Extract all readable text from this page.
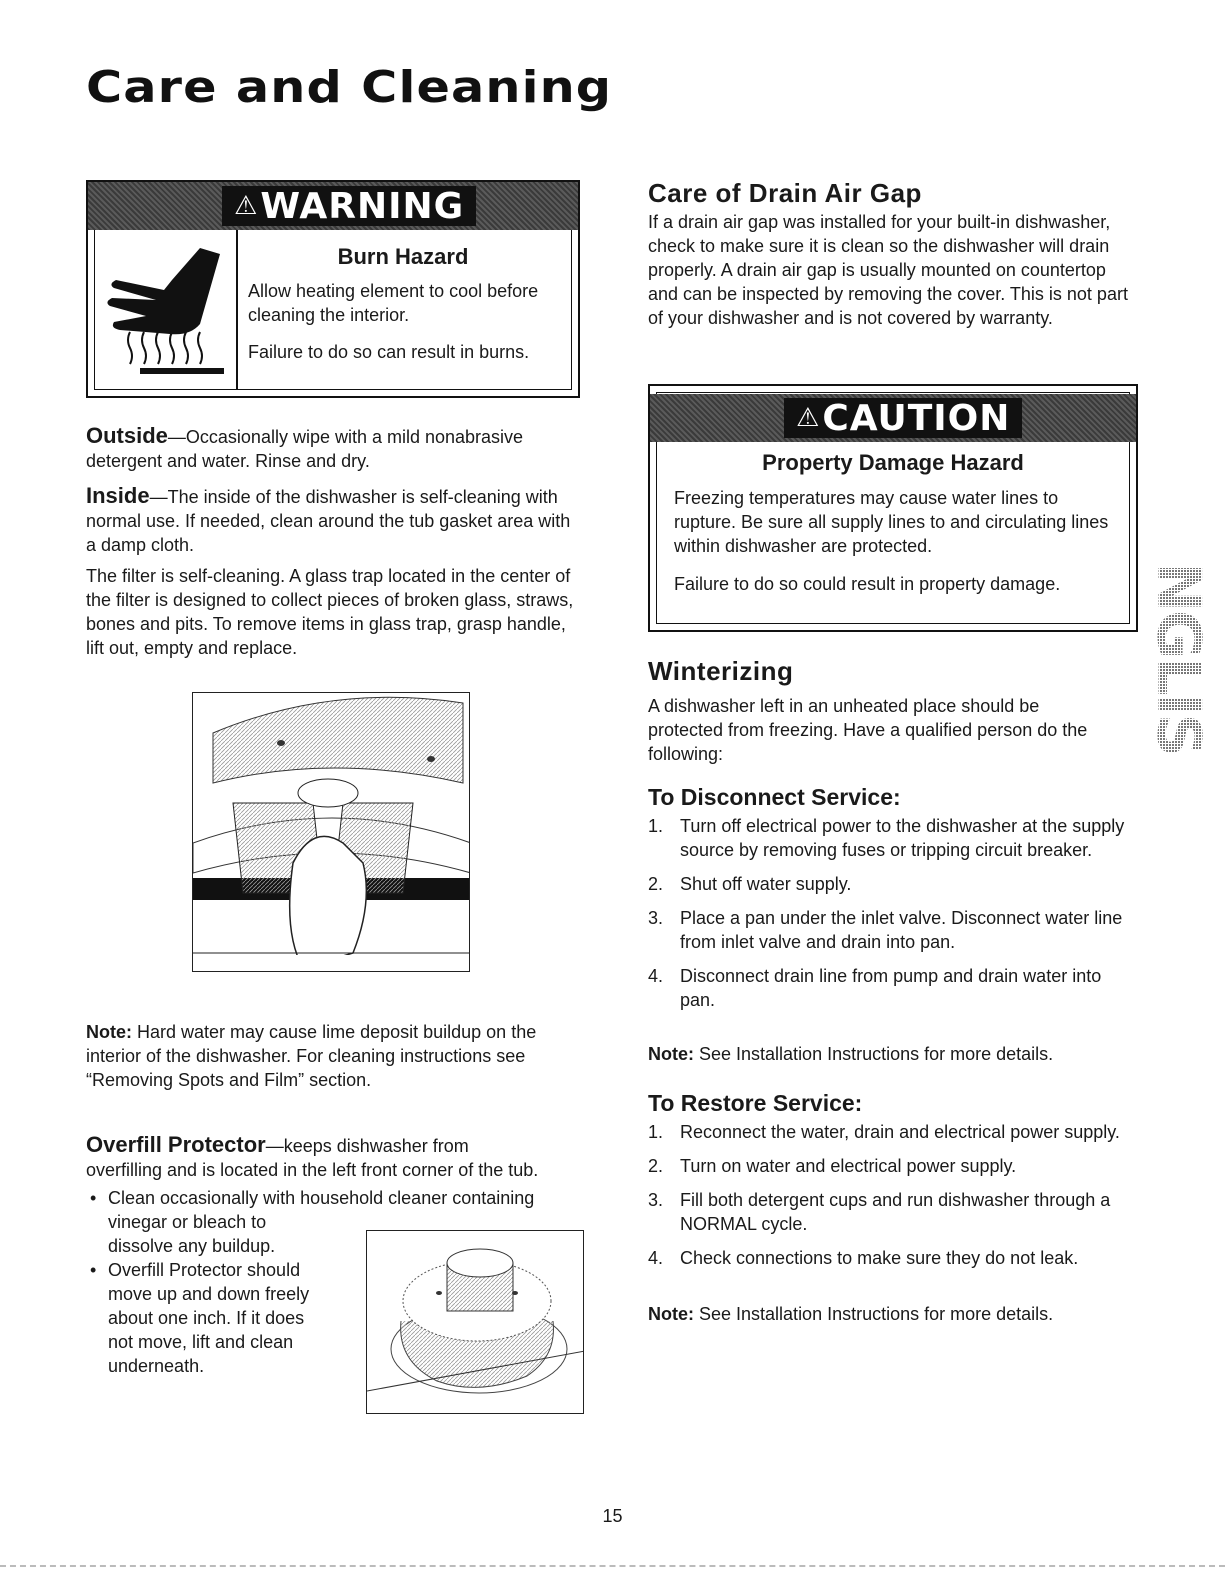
Care and Cleaning
⚠WARNING
Burn Hazard

Allow heating element to cool before cleaning the interior.

Failure to do so can result in burns.

Outside—Occasionally wipe with a mild nonabrasive detergent and water. Rinse and dry.

Inside—The inside of the dishwasher is self-cleaning with normal use. If needed, clean around the tub gasket area with a damp cloth.

The filter is self-cleaning. A glass trap located in the center of the filter is designed to collect pieces of broken glass, straws, bones and pits. To remove items in glass trap, grasp handle, lift out, empty and replace.

Note: Hard water may cause lime deposit buildup on the interior of the dishwasher. For cleaning instructions see “Removing Spots and Film” section.

Overfill Protector—keeps dishwasher from
overfilling and is located in the left front corner of the tub.

• Clean occasionally with household cleaner containing
vinegar or bleach to dissolve any buildup.
• Overfill Protector should move up and down freely about one inch. If it does not move, lift and clean underneath.
Care of Drain Air Gap

If a drain air gap was installed for your built-in dishwasher, check to make sure it is clean so the dishwasher will drain properly. A drain air gap is usually mounted on countertop and can be inspected by removing the cover. This is not part of your dishwasher and is not covered by warranty.

⚠CAUTION
Property Damage Hazard

Freezing temperatures may cause water lines to rupture. Be sure all supply lines to and circulating lines within dishwasher are protected.

Failure to do so could result in property damage.

Winterizing

A dishwasher left in an unheated place should be protected from freezing. Have a qualified person do the following:

To Disconnect Service:
1. Turn off electrical power to the dishwasher at the supply source by removing fuses or tripping circuit breaker.
2. Shut off water supply.
3. Place a pan under the inlet valve. Disconnect water line from inlet valve and drain into pan.
4. Disconnect drain line from pump and drain water into pan.

Note: See Installation Instructions for more details.

To Restore Service:
1. Reconnect the water, drain and electrical power supply.
2. Turn on water and electrical power supply.
3. Fill both detergent cups and run dishwasher through a NORMAL cycle.
4. Check connections to make sure they do not leak.

Note: See Installation Instructions for more details.

ENGLISH
15
